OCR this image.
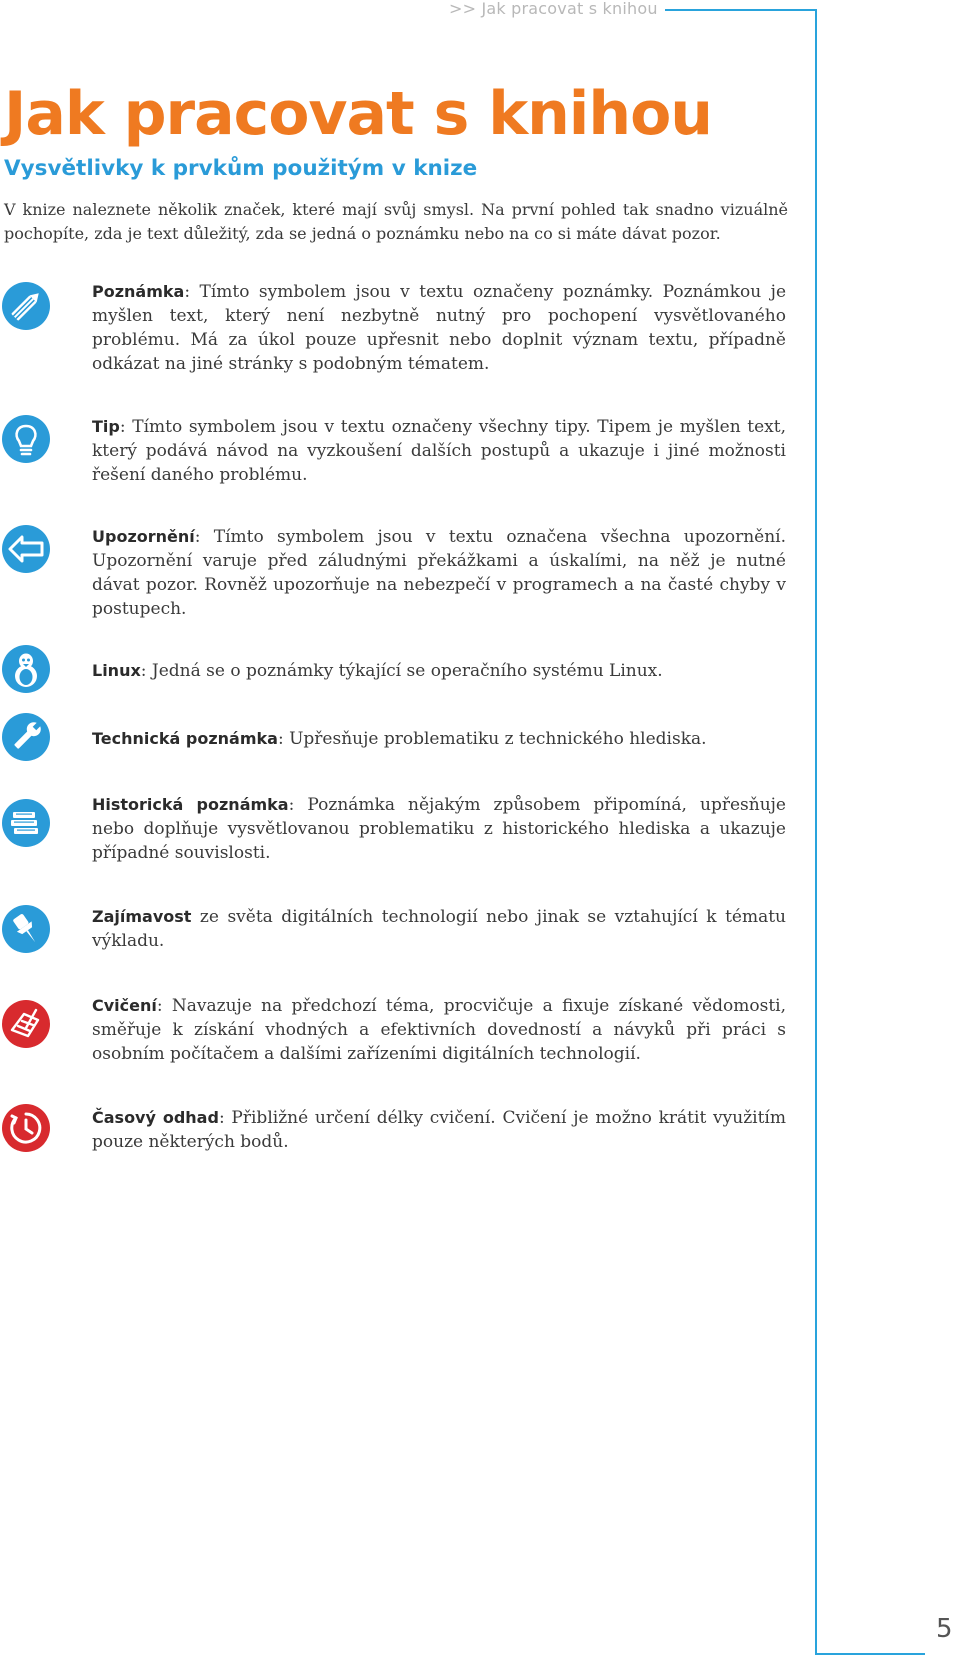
>> Jak pracovat s knihou
Jak pracovat s knihou
Vysvětlivky k prvkům použitým v knize

V knize naleznete několik značek, které mají svůj smysl. Na první pohled tak snadno vizuálně pochopíte, zda je text důležitý, zda se jedná o poznámku nebo na co si máte dávat pozor.

Poznámka: Tímto symbolem jsou v textu označeny poznámky. Poznámkou je myšlen text, který není nezbytně nutný pro pochopení vysvětlovaného problému. Má za úkol pouze upřesnit nebo doplnit význam textu, případně odkázat na jiné stránky s podobným tématem.

Tip: Tímto symbolem jsou v textu označeny všechny tipy. Tipem je myšlen text, který podává návod na vyzkoušení dalších postupů a ukazuje i jiné možnosti řešení daného problému.

Upozornění: Tímto symbolem jsou v textu označena všechna upozornění. Upozornění varuje před záludnými překážkami a úskalími, na něž je nutné dávat pozor. Rovněž upozorňuje na nebezpečí v programech a na časté chyby v postupech.

Linux: Jedná se o poznámky týkající se operačního systému Linux.

Technická poznámka: Upřesňuje problematiku z technického hlediska.

Historická poznámka: Poznámka nějakým způsobem připomíná, upřesňuje nebo doplňuje vysvětlovanou problematiku z historického hlediska a ukazuje případné souvislosti.

Zajímavost ze světa digitálních technologií nebo jinak se vztahující k tématu výkladu.

Cvičení: Navazuje na předchozí téma, procvičuje a fixuje získané vědomosti, směřuje k získání vhodných a efektivních dovedností a návyků při práci s osobním počítačem a dalšími zařízeními digitálních technologií.

Časový odhad: Přibližné určení délky cvičení. Cvičení je možno krátit využitím pouze některých bodů.

5
